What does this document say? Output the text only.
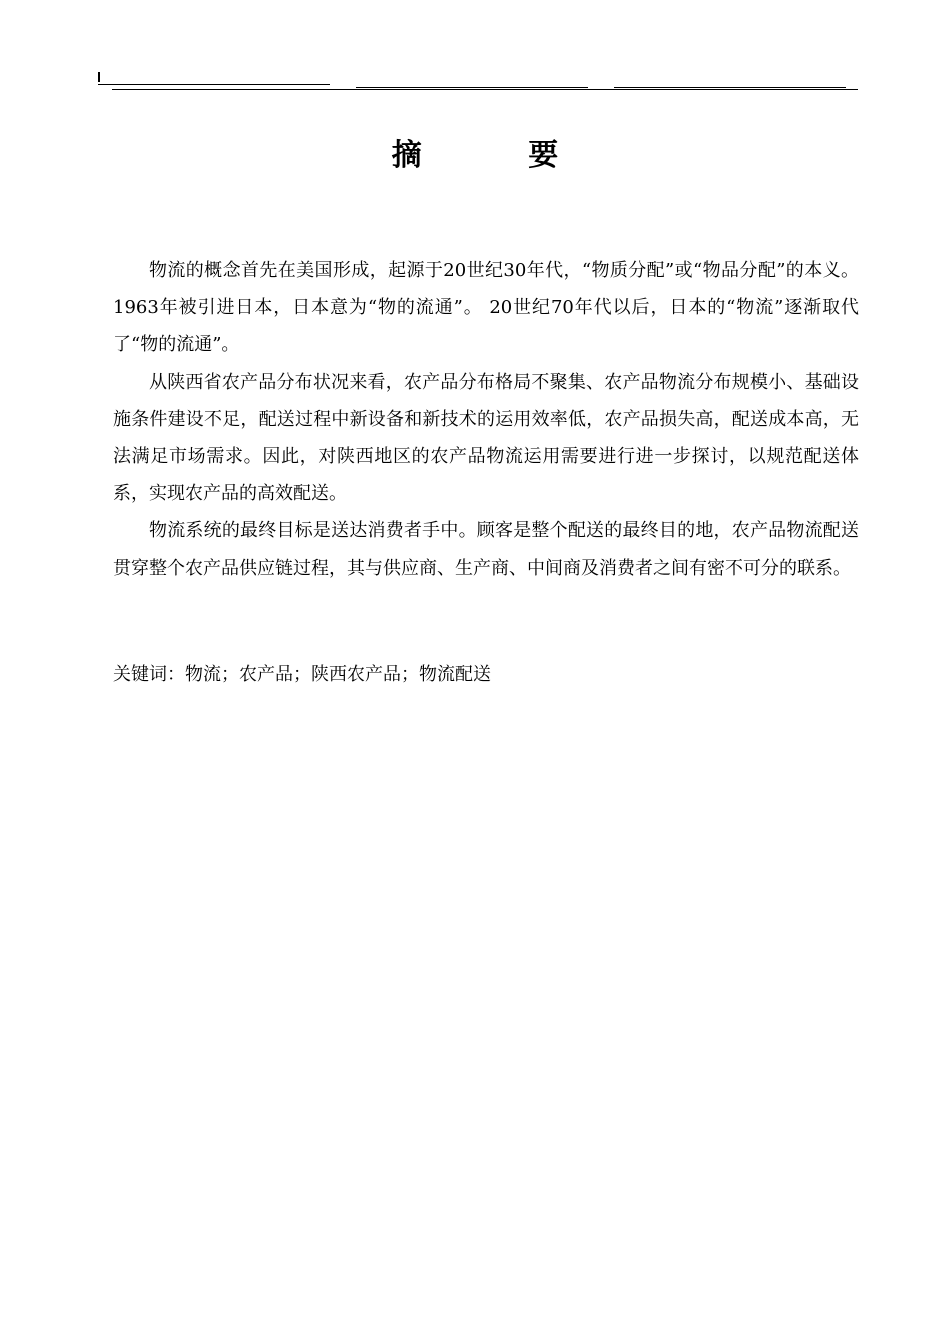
摘 要

物流的概念首先在美国形成，起源于20世纪30年代，“物质分配”或“物品分配”的本义。 1963年被引进日本，日本意为“物的流通”。 20世纪70年代以后，日本的“物流”逐渐取代了“物的流通”。

从陕西省农产品分布状况来看，农产品分布格局不聚集、农产品物流分布规模小、基础设施条件建设不足，配送过程中新设备和新技术的运用效率低，农产品损失高，配送成本高，无法满足市场需求。因此，对陕西地区的农产品物流运用需要进行进一步探讨，以规范配送体系，实现农产品的高效配送。

物流系统的最终目标是送达消费者手中。顾客是整个配送的最终目的地，农产品物流配送贯穿整个农产品供应链过程，其与供应商、生产商、中间商及消费者之间有密不可分的联系。

关键词：物流；农产品；陕西农产品；物流配送
